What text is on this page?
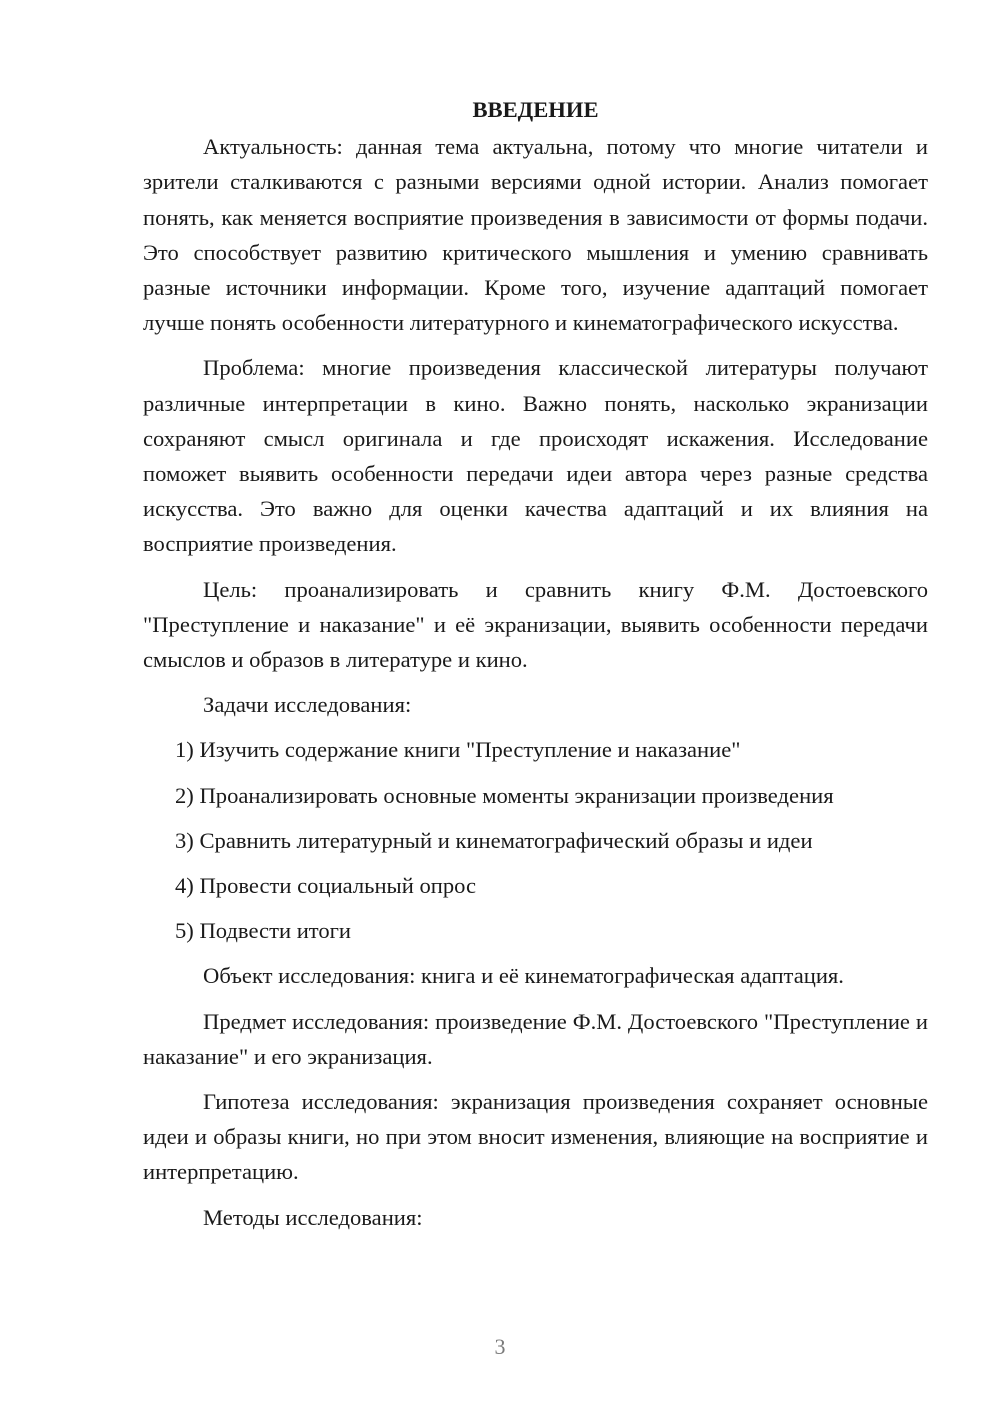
ВВЕДЕНИЕ

Актуальность: данная тема актуальна, потому что многие читатели и зрители сталкиваются с разными версиями одной истории. Анализ помогает понять, как меняется восприятие произведения в зависимости от формы подачи. Это способствует развитию критического мышления и умению сравнивать разные источники информации. Кроме того, изучение адаптаций помогает лучше понять особенности литературного и кинематографического искусства.

Проблема: многие произведения классической литературы получают различные интерпретации в кино. Важно понять, насколько экранизации сохраняют смысл оригинала и где происходят искажения. Исследование поможет выявить особенности передачи идеи автора через разные средства искусства. Это важно для оценки качества адаптаций и их влияния на восприятие произведения.

Цель: проанализировать и сравнить книгу Ф.М. Достоевского "Преступление и наказание" и её экранизации, выявить особенности передачи смыслов и образов в литературе и кино.

Задачи исследования:

1) Изучить содержание книги "Преступление и наказание"
2) Проанализировать основные моменты экранизации произведения
3) Сравнить литературный и кинематографический образы и идеи
4) Провести социальный опрос
5) Подвести итоги

Объект исследования: книга и её кинематографическая адаптация.

Предмет исследования: произведение Ф.М. Достоевского "Преступление и наказание" и его экранизация.

Гипотеза исследования: экранизация произведения сохраняет основные идеи и образы книги, но при этом вносит изменения, влияющие на восприятие и интерпретацию.

Методы исследования:

3
